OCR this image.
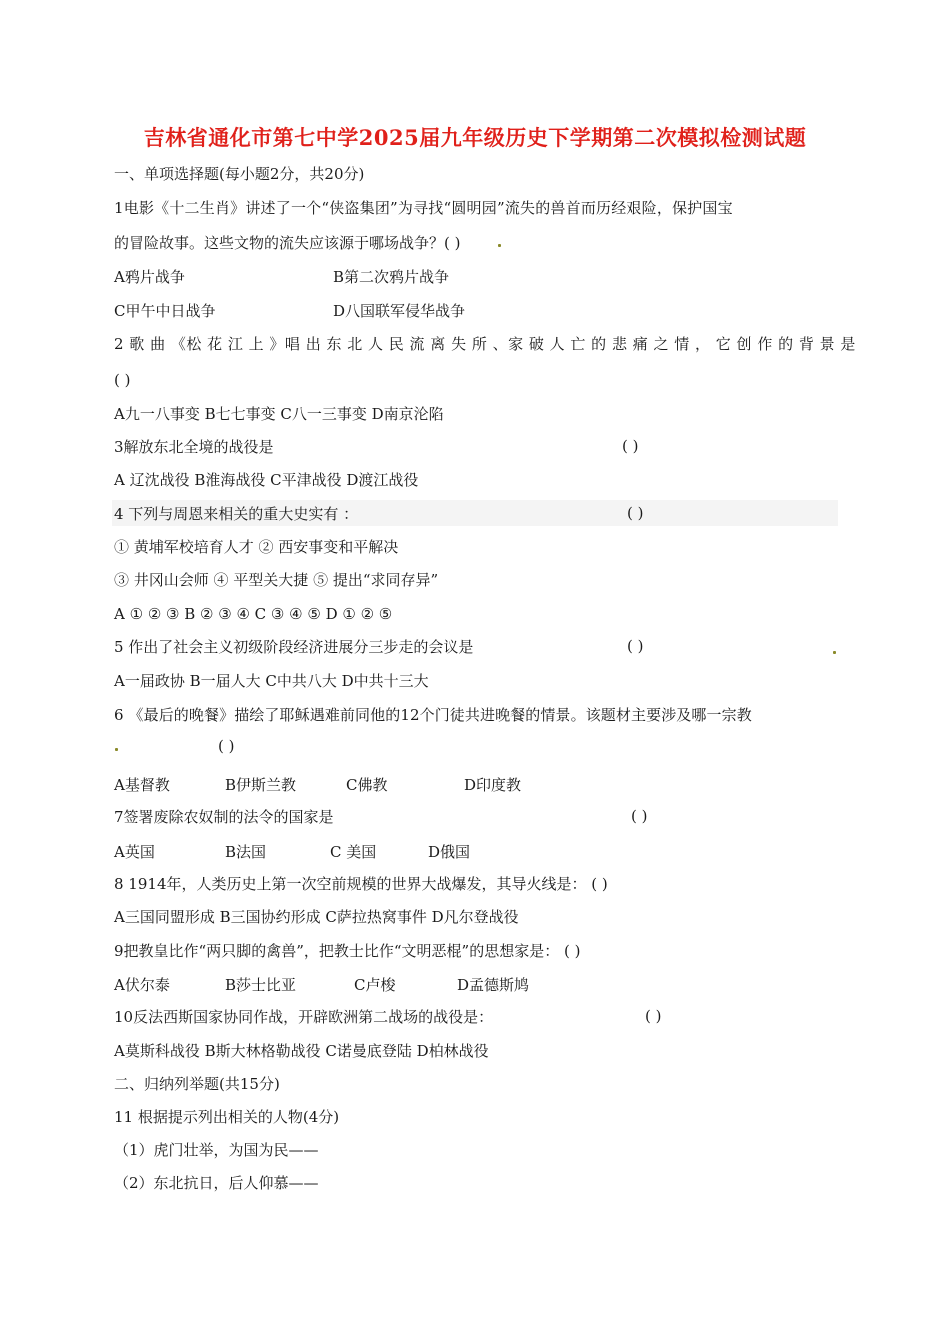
吉林省通化市第七中学2025届九年级历史下学期第二次模拟检测试题
一、单项选择题(每小题2分，共20分)
1电影《十二生肖》讲述了一个“侠盗集团”为寻找“圆明园”流失的兽首而历经艰险，保护国宝
的冒险故事。这些文物的流失应该源于哪场战争？( )
A鸦片战争	B第二次鸦片战争
C甲午中日战争	D八国联军侵华战争
2 歌 曲 《松 花 江 上 》唱 出 东 北 人 民 流 离 失 所 、家 破 人 亡 的 悲 痛 之 情 ， 它 创 作 的 背 景 是
( )
A九一八事变 B七七事变 C八一三事变 D南京沦陷
3解放东北全境的战役是	( )
A 辽沈战役 B淮海战役 C平津战役 D渡江战役
4 下列与周恩来相关的重大史实有 ：	( )
① 黄埔军校培育人才 ② 西安事变和平解决
③ 井冈山会师 ④ 平型关大捷 ⑤ 提出“求同存异”
A ① ② ③ B ② ③ ④ C ③ ④ ⑤ D ① ② ⑤
5 作出了社会主义初级阶段经济进展分三步走的会议是	( )
A一届政协 B一届人大 C中共八大 D中共十三大
6 《最后的晚餐》描绘了耶稣遇难前同他的12个门徒共进晚餐的情景。该题材主要涉及哪一宗教
( )
A基督教	B伊斯兰教	C佛教	D印度教
7签署废除农奴制的法令的国家是	( )
A英国	B法国	C 美国	D俄国
8 1914年，人类历史上第一次空前规模的世界大战爆发，其导火线是： ( )
A三国同盟形成 B三国协约形成 C萨拉热窝事件 D凡尔登战役
9把教皇比作“两只脚的禽兽”，把教士比作“文明恶棍”的思想家是： ( )
A伏尔泰	B莎士比亚	C卢梭	D孟德斯鸠
10反法西斯国家协同作战，开辟欧洲第二战场的战役是：	( )
A莫斯科战役 B斯大林格勒战役 C诺曼底登陆 D柏林战役
二、归纳列举题(共15分)
11 根据提示列出相关的人物(4分)
（1）虎门壮举，为国为民——
（2）东北抗日，后人仰慕——
